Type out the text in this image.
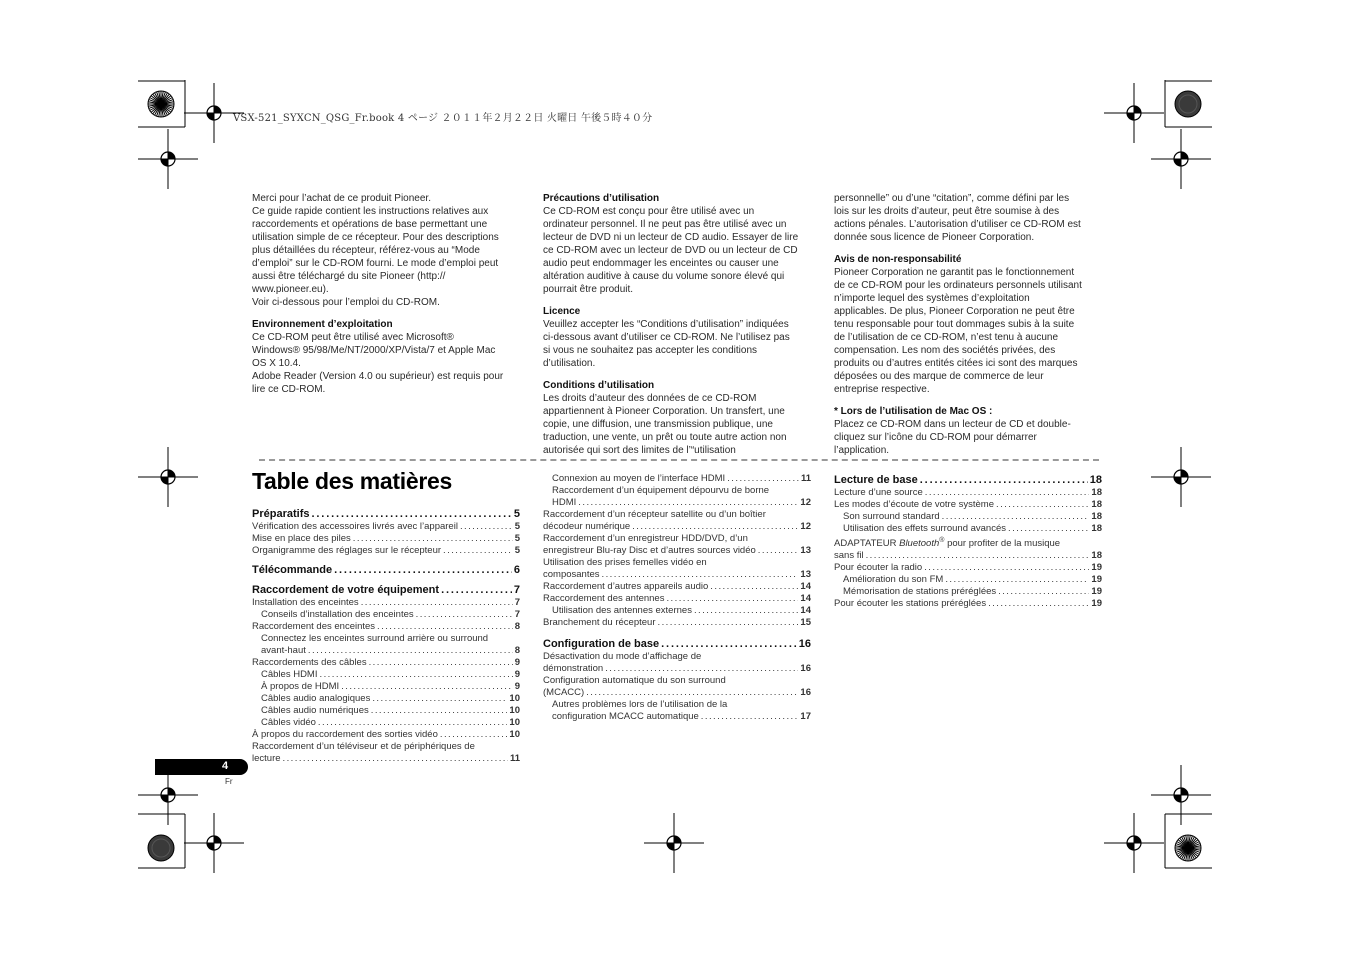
VSX-521_SYXCN_QSG_Fr.book 4 ページ ２０１１年２月２２日 火曜日 午後５時４０分

Merci pour l’achat de ce produit Pioneer.
Ce guide rapide contient les instructions relatives aux
raccordements et opérations de base permettant une
utilisation simple de ce récepteur. Pour des descriptions
plus détaillées du récepteur, référez-vous au “Mode
d’emploi” sur le CD-ROM fourni. Le mode d’emploi peut
aussi être téléchargé du site Pioneer (http://
www.pioneer.eu).
Voir ci-dessous pour l’emploi du CD-ROM.

Environnement d’exploitation

Ce CD-ROM peut être utilisé avec Microsoft®
Windows® 95/98/Me/NT/2000/XP/Vista/7 et Apple Mac
OS X 10.4.
Adobe Reader (Version 4.0 ou supérieur) est requis pour
lire ce CD-ROM.

Précautions d’utilisation

Ce CD-ROM est conçu pour être utilisé avec un
ordinateur personnel. Il ne peut pas être utilisé avec un
lecteur de DVD ni un lecteur de CD audio. Essayer de lire
ce CD-ROM avec un lecteur de DVD ou un lecteur de CD
audio peut endommager les enceintes ou causer une
altération auditive à cause du volume sonore élevé qui
pourrait être produit.

Licence

Veuillez accepter les “Conditions d’utilisation” indiquées
ci-dessous avant d’utiliser ce CD-ROM. Ne l’utilisez pas
si vous ne souhaitez pas accepter les conditions
d’utilisation.

Conditions d’utilisation

Les droits d’auteur des données de ce CD-ROM
appartiennent à Pioneer Corporation. Un transfert, une
copie, une diffusion, une transmission publique, une
traduction, une vente, un prêt ou toute autre action non
autorisée qui sort des limites de l’“utilisation

personnelle” ou d’une “citation”, comme défini par les
lois sur les droits d’auteur, peut être soumise à des
actions pénales. L’autorisation d’utiliser ce CD-ROM est
donnée sous licence de Pioneer Corporation.

Avis de non-responsabilité

Pioneer Corporation ne garantit pas le fonctionnement
de ce CD-ROM pour les ordinateurs personnels utilisant
n’importe lequel des systèmes d’exploitation
applicables. De plus, Pioneer Corporation ne peut être
tenu responsable pour tout dommages subis à la suite
de l’utilisation de ce CD-ROM, n’est tenu à aucune
compensation. Les nom des sociétés privées, des
produits ou d’autres entités citées ici sont des marques
déposées ou des marque de commerce de leur
entreprise respective.

* Lors de l’utilisation de Mac OS :

Placez ce CD-ROM dans un lecteur de CD et double-
cliquez sur l’icône du CD-ROM pour démarrer
l’application.

Table des matières
Préparatifs . . .	5
Vérification des accessoires livrés avec l’appareil . . .	5
Mise en place des piles . . .	5
Organigramme des réglages sur le récepteur . . .	5
Télécommande . . .	6
Raccordement de votre équipement . . .	7
Installation des enceintes . . .	7
Conseils d’installation des enceintes . . .	7
Raccordement des enceintes . . .	8
Connectez les enceintes surround arrière ou surround
avant-haut . . .	8
Raccordements des câbles . . .	9
Câbles HDMI . . .	9
À propos de HDMI . . .	9
Câbles audio analogiques . . .	10
Câbles audio numériques . . .	10
Câbles vidéo . . .	10
À propos du raccordement des sorties vidéo . . .	10
Raccordement d’un téléviseur et de périphériques de
lecture . . .	11
Connexion au moyen de l’interface HDMI . . .	11
Raccordement d’un équipement dépourvu de borne
HDMI . . .	12
Raccordement d’un récepteur satellite ou d’un boîtier
décodeur numérique . . .	12
Raccordement d’un enregistreur HDD/DVD, d’un
enregistreur Blu-ray Disc et d’autres sources vidéo . . .	13
Utilisation des prises femelles vidéo en
composantes . . .	13
Raccordement d’autres appareils audio . . .	14
Raccordement des antennes . . .	14
Utilisation des antennes externes . . .	14
Branchement du récepteur . . .	15
Configuration de base . . .	16
Désactivation du mode d’affichage de
démonstration . . .	16
Configuration automatique du son surround
(MCACC) . . .	16
Autres problèmes lors de l’utilisation de la
configuration MCACC automatique . . .	17
Lecture de base . . .	18
Lecture d’une source . . .	18
Les modes d’écoute de votre système . . .	18
Son surround standard . . .	18
Utilisation des effets surround avancés . . .	18
ADAPTATEUR Bluetooth® pour profiter de la musique
sans fil . . .	18
Pour écouter la radio . . .	19
Amélioration du son FM . . .	19
Mémorisation de stations préréglées . . .	19
Pour écouter les stations préréglées . . .	19
4
Fr
